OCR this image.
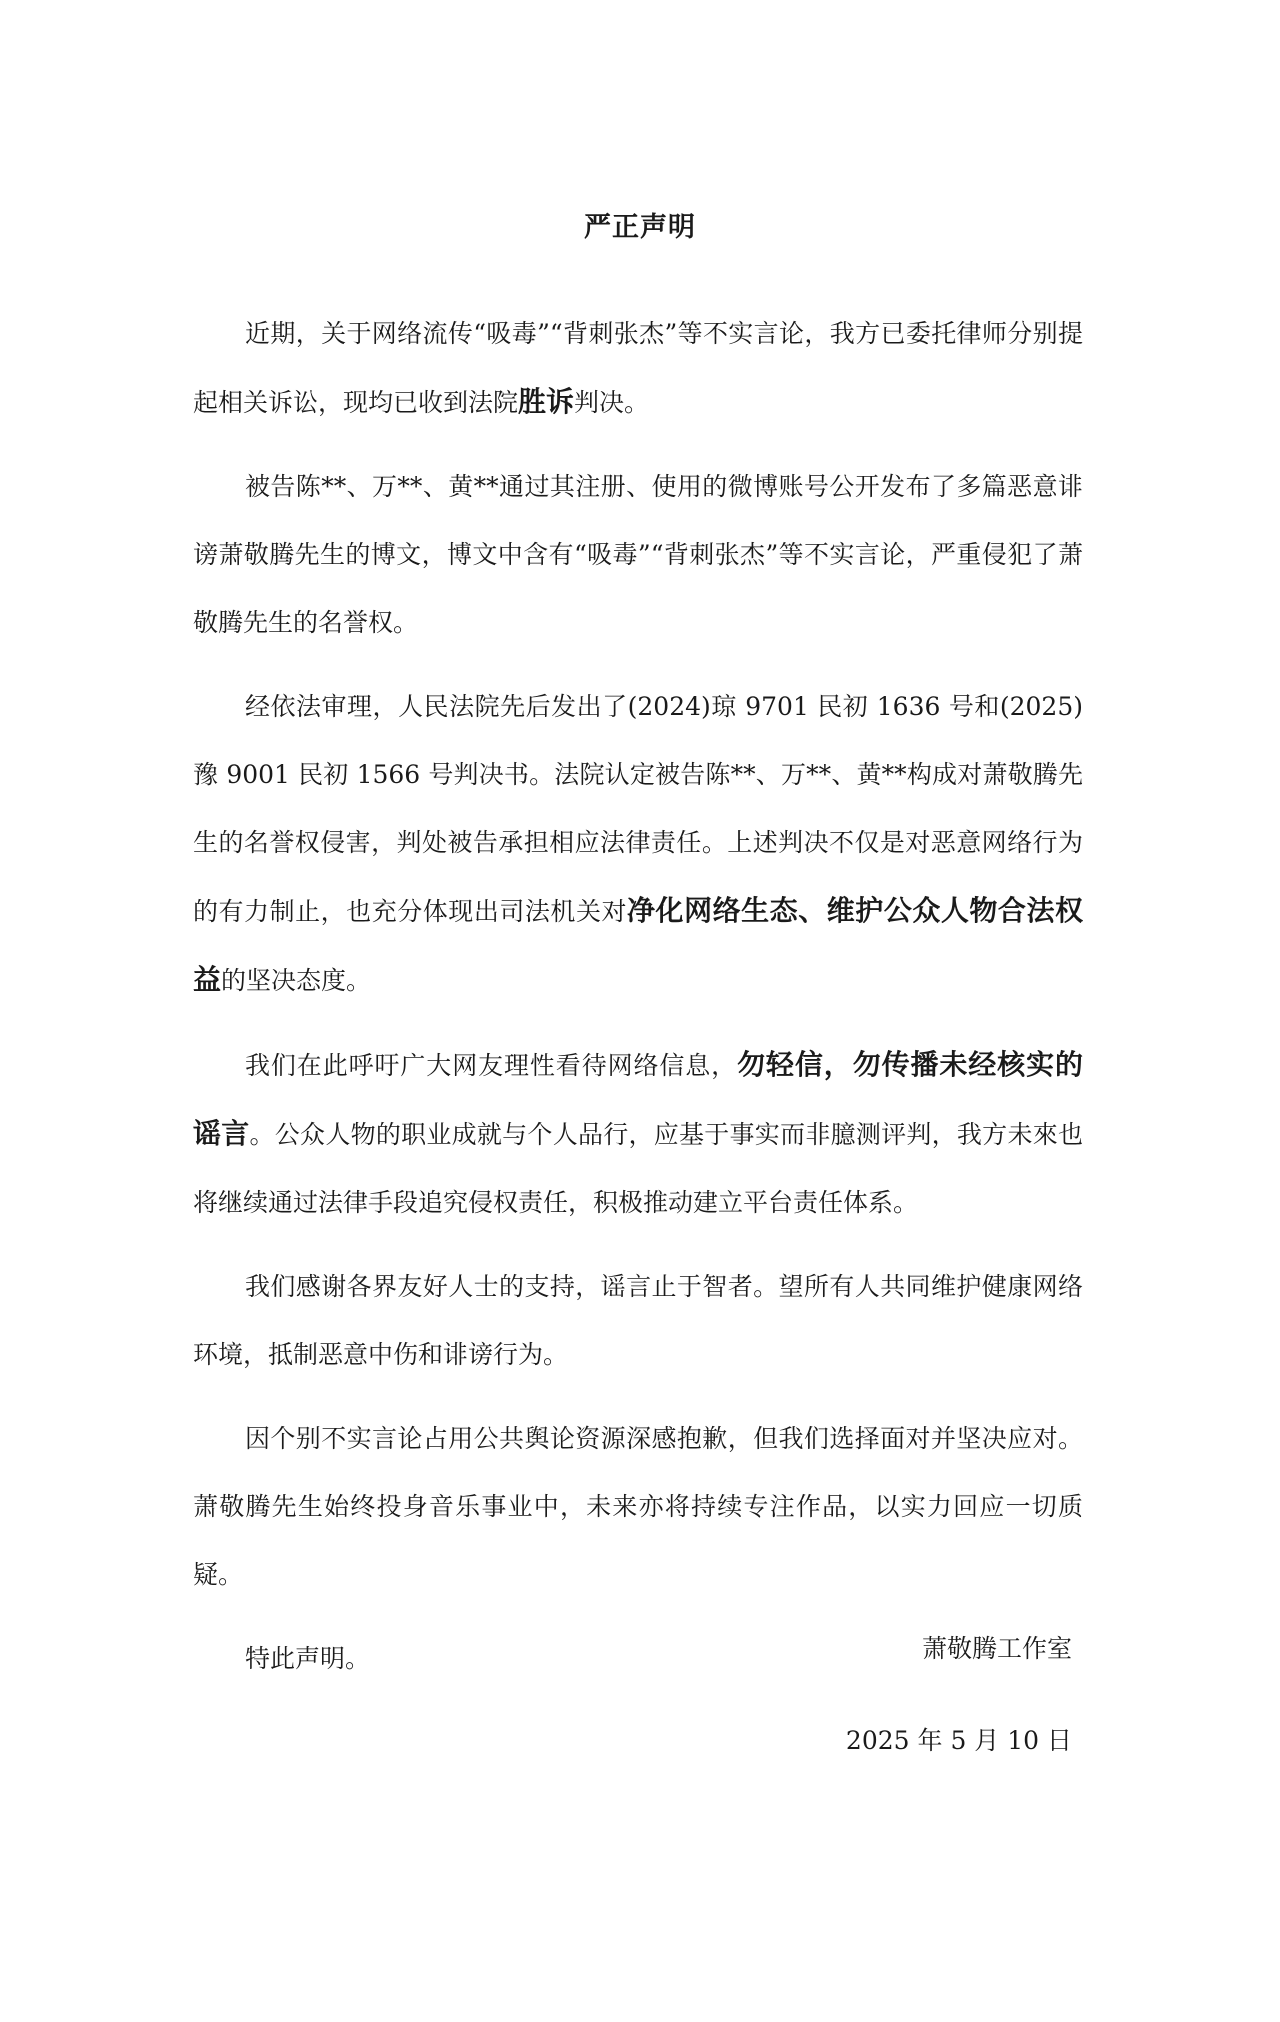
严正声明

近期，关于网络流传“吸毒”“背刺张杰”等不实言论，我方已委托律师分别提起相关诉讼，现均已收到法院胜诉判决。

被告陈**、万**、黄**通过其注册、使用的微博账号公开发布了多篇恶意诽谤萧敬腾先生的博文，博文中含有“吸毒”“背刺张杰”等不实言论，严重侵犯了萧敬腾先生的名誉权。

经依法审理，人民法院先后发出了(2024)琼 9701 民初 1636 号和(2025)豫 9001 民初 1566 号判决书。法院认定被告陈**、万**、黄**构成对萧敬腾先生的名誉权侵害，判处被告承担相应法律责任。上述判决不仅是对恶意网络行为的有力制止，也充分体现出司法机关对净化网络生态、维护公众人物合法权益的坚决态度。

我们在此呼吁广大网友理性看待网络信息，勿轻信，勿传播未经核实的谣言。公众人物的职业成就与个人品行，应基于事实而非臆测评判，我方未來也将继续通过法律手段追究侵权责任，积极推动建立平台责任体系。

我们感谢各界友好人士的支持，谣言止于智者。望所有人共同维护健康网络环境，抵制恶意中伤和诽谤行为。

因个别不实言论占用公共舆论资源深感抱歉，但我们选择面对并坚决应对。萧敬腾先生始终投身音乐事业中，未来亦将持续专注作品，以实力回应一切质疑。

特此声明。	萧敬腾工作室
2025 年 5 月 10 日
